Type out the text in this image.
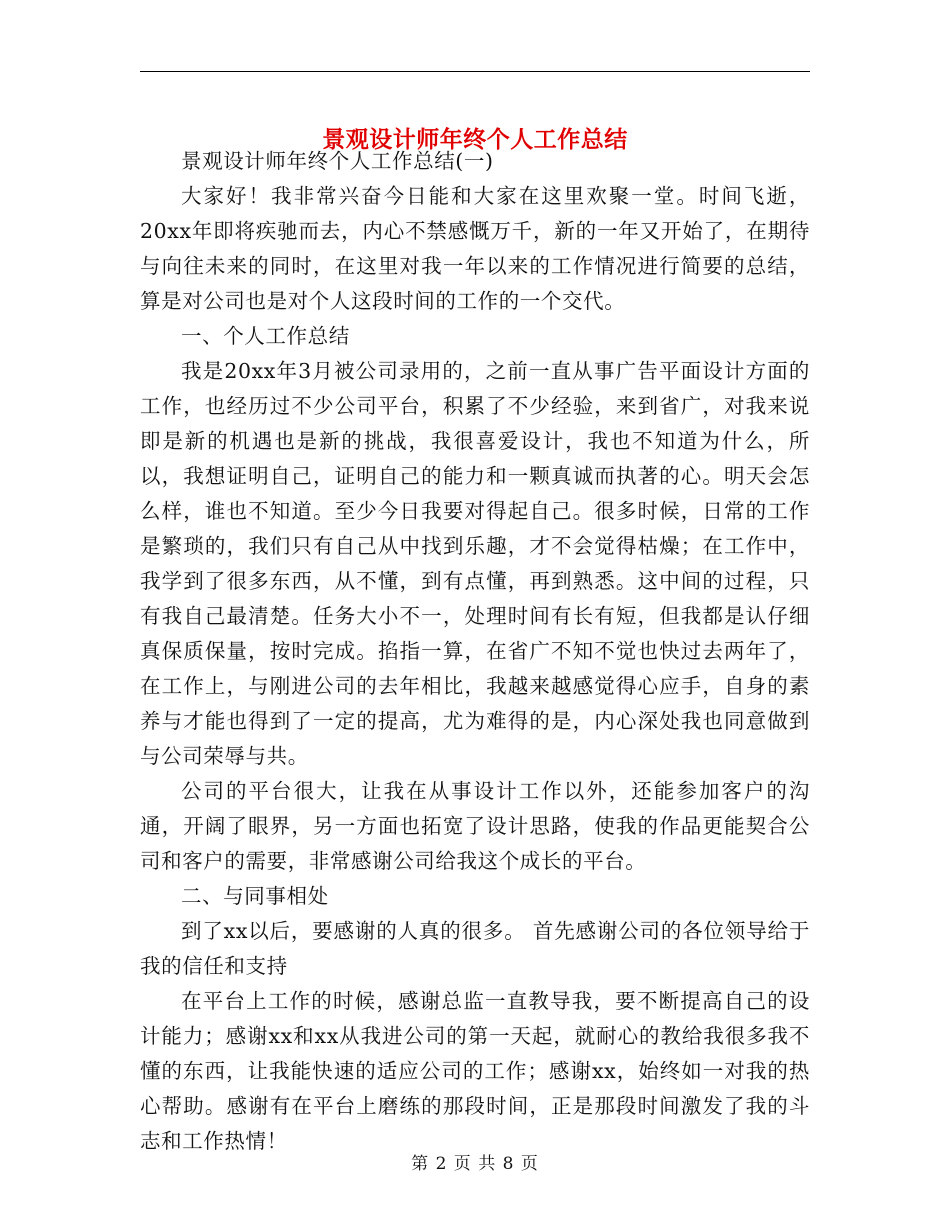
景观设计师年终个人工作总结

景观设计师年终个人工作总结(一)

大家好！我非常兴奋今日能和大家在这里欢聚一堂。时间飞逝，20xx年即将疾驰而去，内心不禁感慨万千，新的一年又开始了，在期待与向往未来的同时，在这里对我一年以来的工作情况进行简要的总结，算是对公司也是对个人这段时间的工作的一个交代。

一、个人工作总结

我是20xx年3月被公司录用的，之前一直从事广告平面设计方面的工作，也经历过不少公司平台，积累了不少经验，来到省广，对我来说即是新的机遇也是新的挑战，我很喜爱设计，我也不知道为什么，所以，我想证明自己，证明自己的能力和一颗真诚而执著的心。明天会怎么样，谁也不知道。至少今日我要对得起自己。很多时候，日常的工作是繁琐的，我们只有自己从中找到乐趣，才不会觉得枯燥；在工作中，我学到了很多东西，从不懂，到有点懂，再到熟悉。这中间的过程，只有我自己最清楚。任务大小不一，处理时间有长有短，但我都是认仔细真保质保量，按时完成。掐指一算，在省广不知不觉也快过去两年了，在工作上，与刚进公司的去年相比，我越来越感觉得心应手，自身的素养与才能也得到了一定的提高，尤为难得的是，内心深处我也同意做到与公司荣辱与共。

公司的平台很大，让我在从事设计工作以外，还能参加客户的沟通，开阔了眼界，另一方面也拓宽了设计思路，使我的作品更能契合公司和客户的需要，非常感谢公司给我这个成长的平台。

二、与同事相处

到了xx以后，要感谢的人真的很多。 首先感谢公司的各位领导给于我的信任和支持

在平台上工作的时候，感谢总监一直教导我，要不断提高自己的设计能力；感谢xx和xx从我进公司的第一天起，就耐心的教给我很多我不懂的东西，让我能快速的适应公司的工作；感谢xx，始终如一对我的热心帮助。感谢有在平台上磨练的那段时间，正是那段时间激发了我的斗志和工作热情！

第 2 页 共 8 页
